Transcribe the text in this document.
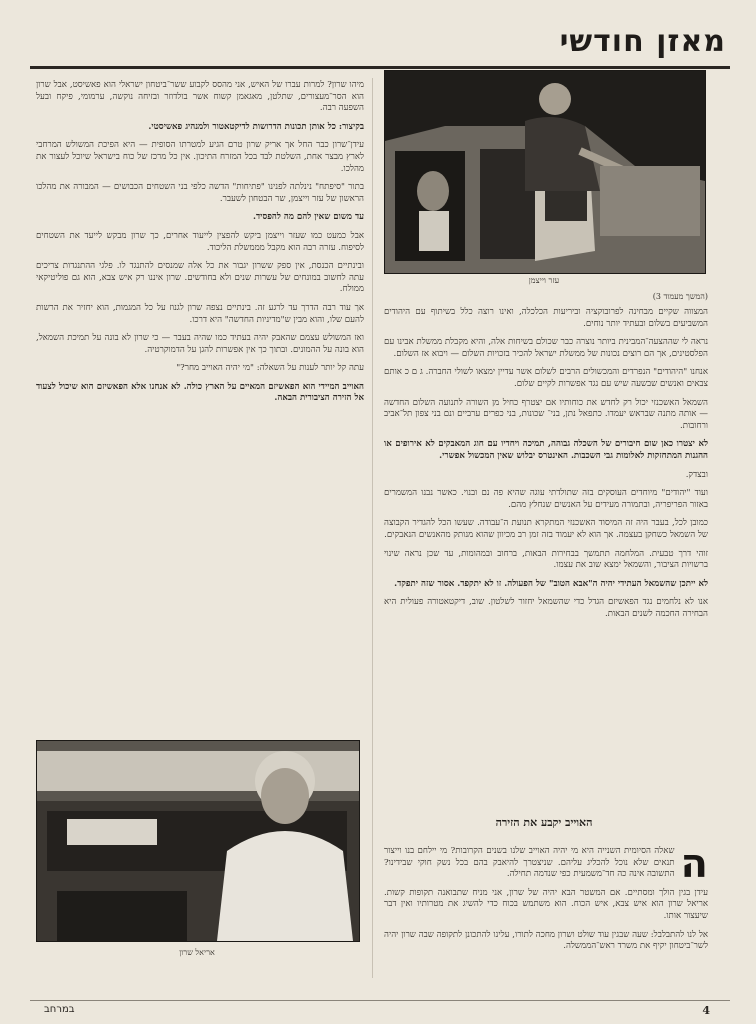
מאזן חודשי

מיהו שרון? למרות עברו של האיש, אני מהסס לקבוע ששר־ביטחון ישראלי הוא פאשיסט, אבל שרון הוא הסר־מעצורים, שתלטן, מאגאמן קשוח אשר בולדוזר ובזיחה נוקשה, ערמומי, פיקח ובעל השפעה רבה.

בקיצור: כל אותן תכונות הדרושות לדיקטאטור ולמנהיג פאשיסטי.

עידן־שרון כבר החל אך אריק שרון טרם הגיע למטרתו הסופית — היא הפיכת המשולש המרחבי לארץ מבצר אחת, השלטת לבד בכל המזרח התיכון. אין כל מרכז של כוח בישראל שיוכל לעצור את מהלכו.

בתור "סיפתח" נינלתה לפנינו "פתיחות" הדשה כלפי בני השטחים הכבושים — המבורה את מהלכו הראשון של עזר וייצמן, שר הבטחון לשעבר.

עד משום שאין להם מה להפסיד.

אבל כמעט כמו שעזר וייצמן ביקש להפצין לייעוד אחרים, כך שרון מבקש לייעד את השטחים לסיפוח. עזרה רבה הוא מקבל מממשלת הליכוד.

ובינתיים הכנסת, אין ספק ששרון יגבור את כל אלה שמנסים להתנגד לו. פלגי ההתנגדות צריכים עתה לחשוב במונחים של עשרות שנים ולא בחודשים. שרון איננו רק איש צבא, הוא גם פוליטיקאי ממולח.

אך עוד רבה הדרך עד לרגע זה. בינתיים נצפה שרון לגנוז על כל המגמות, הוא יחזיר את הרשות להעם שלו, והוא מבין ש"מדיניות החדשה" היא דרכו.

ואז המשולש עצמם שהאבק יהיה בעתיד כמו שהיה בעבר — כי שרון לא בונה על תמיכת השמאל, הוא בונה על ההמונים. ובתוך כך אין אפשרות להגן על הדמוקרטיה.

עתה קל יותר לענות על השאלה: "מי יהיה האוייב מחר?"

האוייב המיידי הוא הפאשיזם המאיים על הארץ כולה. לא אנחנו אלא הפאשיזם הוא שיכול לצעוד אל הזירה הציבורית הבאה.

אריאל שרון
עזר וייצמן
(המשך מעמוד 3)

המצווה שקיים מבחינה לפרובוקציה וביריעות הכלכלה, ואינו רוצה כלל בשיתוף עם היהודים המשביעים בשלום ובעתיד יותר נוחים.

נראה לי שההצעה־המבינית ביותר נוצרה כבר שכולם בשיחות אלה, והיא מקבלת ממשלת אבינו עם הפלסטינים, אך הם רוצים נכונות של ממשלת ישראל להכיר בזכויות השלום — ויבוא אז השלום.

אנחנו "היהודים" הנפרדים והמכשולים הרבים לשלום אשר עדיין ימצאו לשולי החברה. ג ם כ אותם צבאים ואנשים שבשעה שיש עם נגד אפשרות לקיים שלום.

השמאל האשכנזי יכול רק לחדש את כוחותיו אם יצטרף כחיל מן השורה לתנועה השלום החדשה — אותה מתנה שבראש יעמדו. כתפאל נתן, בני־ שכונות, בני כפרים ערביים ונם בני צפון תל־אביב ורחובות.

לא יצטרו כאן שום חיבורים של השכלה גבוהה, תמיכה ויחדיו עם חוג המאבקים לא אירופים או ההגנות המתחזקות לאלומות גבי השכבות. האינטרס יבלוש שאין המכשול אפשרי.

ובצדק.

ועוד "יהודים" מיוחדים העוסקים בזה שתולדתי עוגה שהיא פה נם ובנוי. כאשר נבנו המשמרים באזור הפריפריה, ובתמורה מעידים על האנשים שנחלץ מהם.

כמובן לכל, בעבר היה זה המיסוד האשכנזי המתקרא תנועת ה־עבודה. שעשו הכל להגדיר הקבוצה של השמאל כשחקן בעצמה. אך הוא לא יעמוד בזה זמן רב מכיוון שהוא מנותק מהאנשים הנאבקים.

זוהי דרך טבעית. המלחמה תתמשך בבחירות הבאות, ברחוב ובמהומות, עד שכן נראה שינוי ברשויות הציבור, והשמאל ימצא שוב את עצמו.

לא ייתכן שהשמאל העתידי יהיה ה"אבא הטוב" של הפעולה. זו לא יתקפד. אסור שזה יתפקד.

אנו לא נלחמים נגד הפאשיזם הגדל כדי שהשמאל יחזור לשלטון. שוב, דיקטאטורה פעולית היא הבחירה החכמה לשנים הבאות.

האוייב יקבע את הזירה
ה

שאלה הסיומית השנייה היא מי יהיה האוייב שלנו בשנים הקרובות? מי יילחם בנו וייצור תנאים שלא נוכל להכליג עליהם. שניצטרך להיאבק בהם בכל נשק חוקי שבידינו? התשובה אינה כה חד־משמעית כפי שנדמה תחילה.

עידן בגין הולך ומסתיים. אם המשטר הבא יהיה של שרון, אני מניח שתבואנה תקופות קשות. אריאל שרון הוא איש צבא, איש הכוח. הוא משתמש בכוח כדי להשיג את מטרותיו ואין דבר שיעצור אותו.

אל לנו להתבלבל: שעה שבגין עוד שולט ושרון מחכה לתורו, עלינו להתכונן לתקופה שבה שרון יהיה לשר־ביטחון יקיף את משרד ראש־הממשלה.

4
במרחב
